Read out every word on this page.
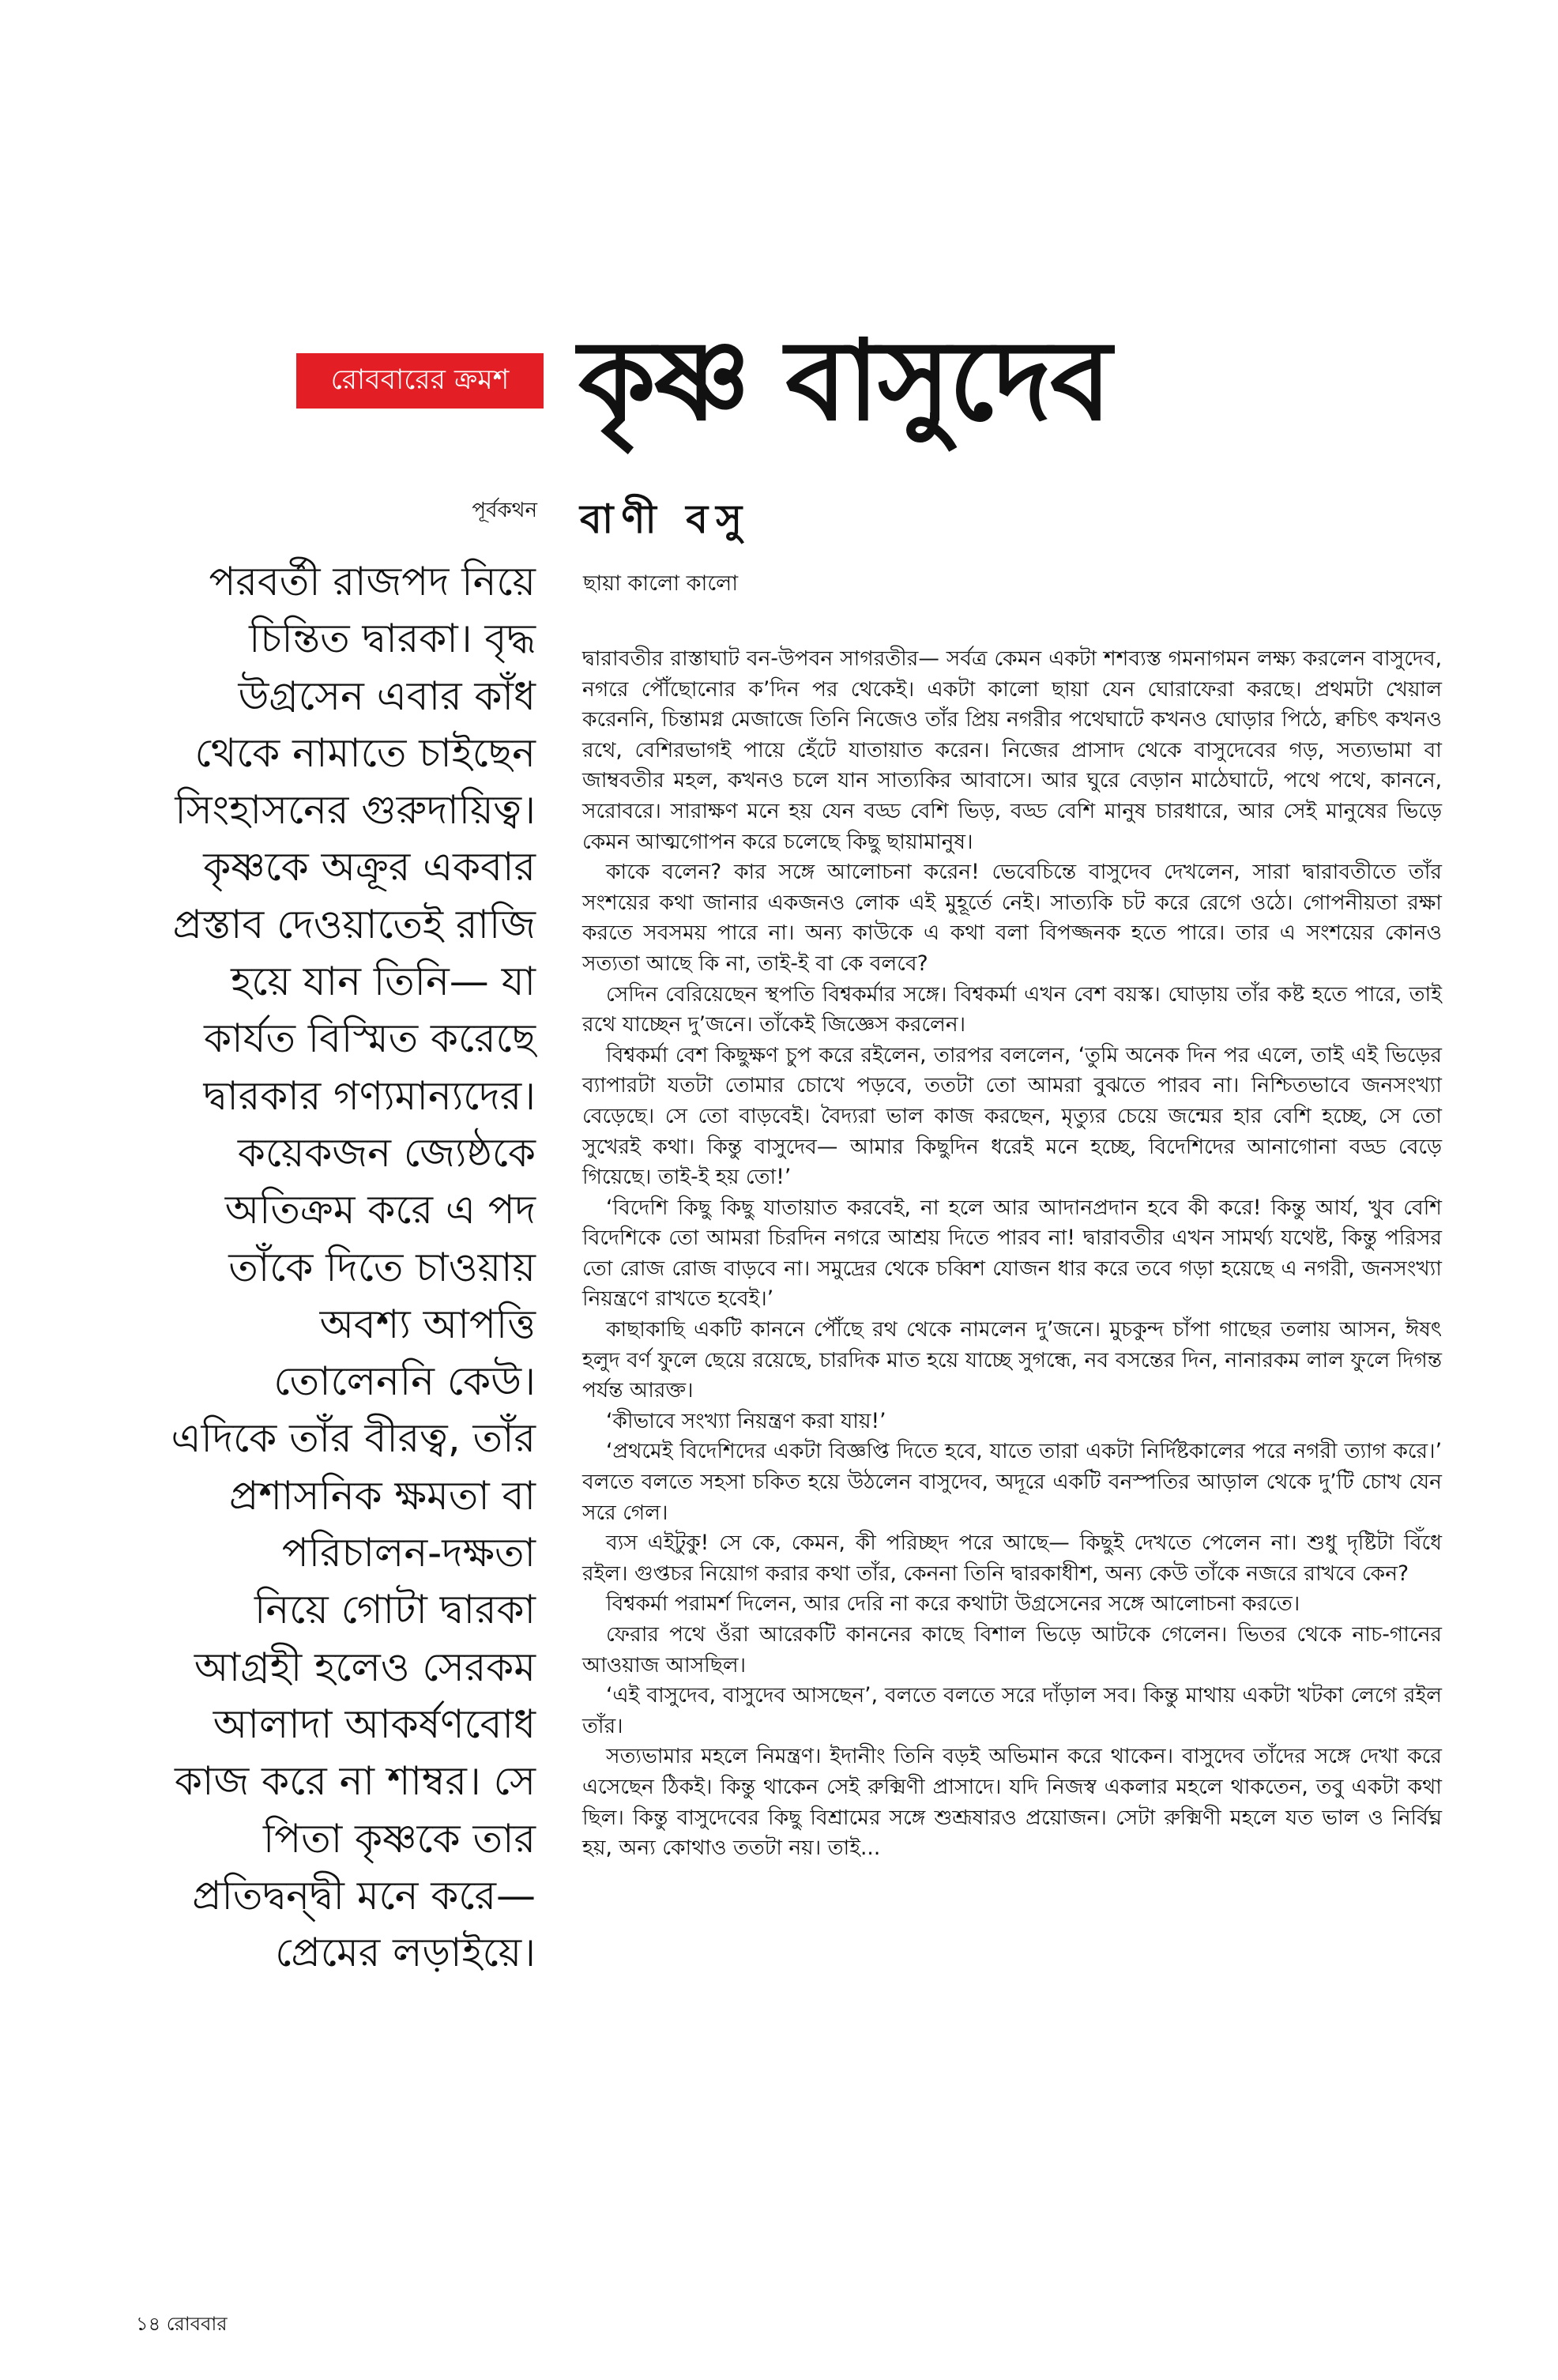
রোববারের ক্রমশ কৃষ্ণ বাসুদেব
পূর্বকথন বাণী বসু
পরবর্তী রাজপদ নিয়ে
চিন্তিত দ্বারকা। বৃদ্ধ
উগ্রসেন এবার কাঁধ
থেকে নামাতে চাইছেন
সিংহাসনের গুরুদায়িত্ব।
কৃষ্ণকে অক্রূর একবার
প্রস্তাব দেওয়াতেই রাজি
হয়ে যান তিনি— যা
কার্যত বিস্মিত করেছে
দ্বারকার গণ্যমান্যদের।
কয়েকজন জ্যেষ্ঠকে
অতিক্রম করে এ পদ
তাঁকে দিতে চাওয়ায়
অবশ্য আপত্তি
তোলেননি কেউ।
এদিকে তাঁর বীরত্ব, তাঁর
প্রশাসনিক ক্ষমতা বা
পরিচালন-দক্ষতা
নিয়ে গোটা দ্বারকা
আগ্রহী হলেও সেরকম
আলাদা আকর্ষণবোধ
কাজ করে না শাম্বর। সে
পিতা কৃষ্ণকে তার
প্রতিদ্বন্দ্বী মনে করে—
প্রেমের লড়াইয়ে।
ছায়া কালো কালো

দ্বারাবতীর রাস্তাঘাট বন-উপবন সাগরতীর— সর্বত্র কেমন একটা শশব্যস্ত গমনাগমন লক্ষ্য করলেন বাসুদেব, নগরে পৌঁছোনোর ক’দিন পর থেকেই। একটা কালো ছায়া যেন ঘোরাফেরা করছে। প্রথমটা খেয়াল করেননি, চিন্তামগ্ন মেজাজে তিনি নিজেও তাঁর প্রিয় নগরীর পথেঘাটে কখনও ঘোড়ার পিঠে, ক্বচিৎ কখনও রথে, বেশিরভাগই পায়ে হেঁটে যাতায়াত করেন। নিজের প্রাসাদ থেকে বাসুদেবের গড়, সত্যভামা বা জাম্ববতীর মহল, কখনও চলে যান সাত্যকির আবাসে। আর ঘুরে বেড়ান মাঠেঘাটে, পথে পথে, কাননে, সরোবরে। সারাক্ষণ মনে হয় যেন বড্ড বেশি ভিড়, বড্ড বেশি মানুষ চারধারে, আর সেই মানুষের ভিড়ে কেমন আত্মগোপন করে চলেছে কিছু ছায়ামানুষ।

কাকে বলেন? কার সঙ্গে আলোচনা করেন! ভেবেচিন্তে বাসুদেব দেখলেন, সারা দ্বারাবতীতে তাঁর সংশয়ের কথা জানার একজনও লোক এই মুহূর্তে নেই। সাত্যকি চট করে রেগে ওঠে। গোপনীয়তা রক্ষা করতে সবসময় পারে না। অন্য কাউকে এ কথা বলা বিপজ্জনক হতে পারে। তার এ সংশয়ের কোনও সত্যতা আছে কি না, তাই-ই বা কে বলবে?

সেদিন বেরিয়েছেন স্থপতি বিশ্বকর্মার সঙ্গে। বিশ্বকর্মা এখন বেশ বয়স্ক। ঘোড়ায় তাঁর কষ্ট হতে পারে, তাই রথে যাচ্ছেন দু’জনে। তাঁকেই জিজ্ঞেস করলেন।

বিশ্বকর্মা বেশ কিছুক্ষণ চুপ করে রইলেন, তারপর বললেন, ‘তুমি অনেক দিন পর এলে, তাই এই ভিড়ের ব্যাপারটা যতটা তোমার চোখে পড়বে, ততটা তো আমরা বুঝতে পারব না। নিশ্চিতভাবে জনসংখ্যা বেড়েছে। সে তো বাড়বেই। বৈদ্যরা ভাল কাজ করছেন, মৃত্যুর চেয়ে জন্মের হার বেশি হচ্ছে, সে তো সুখেরই কথা। কিন্তু বাসুদেব— আমার কিছুদিন ধরেই মনে হচ্ছে, বিদেশিদের আনাগোনা বড্ড বেড়ে গিয়েছে। তাই-ই হয় তো!’

‘বিদেশি কিছু কিছু যাতায়াত করবেই, না হলে আর আদানপ্রদান হবে কী করে! কিন্তু আর্য, খুব বেশি বিদেশিকে তো আমরা চিরদিন নগরে আশ্রয় দিতে পারব না! দ্বারাবতীর এখন সামর্থ্য যথেষ্ট, কিন্তু পরিসর তো রোজ রোজ বাড়বে না। সমুদ্রের থেকে চব্বিশ যোজন ধার করে তবে গড়া হয়েছে এ নগরী, জনসংখ্যা নিয়ন্ত্রণে রাখতে হবেই।’

কাছাকাছি একটি কাননে পৌঁছে রথ থেকে নামলেন দু’জনে। মুচকুন্দ চাঁপা গাছের তলায় আসন, ঈষৎ হলুদ বর্ণ ফুলে ছেয়ে রয়েছে, চারদিক মাত হয়ে যাচ্ছে সুগন্ধে, নব বসন্তের দিন, নানারকম লাল ফুলে দিগন্ত পর্যন্ত আরক্ত।

‘কীভাবে সংখ্যা নিয়ন্ত্রণ করা যায়!’

‘প্রথমেই বিদেশিদের একটা বিজ্ঞপ্তি দিতে হবে, যাতে তারা একটা নির্দিষ্টকালের পরে নগরী ত্যাগ করে।’ বলতে বলতে সহসা চকিত হয়ে উঠলেন বাসুদেব, অদূরে একটি বনস্পতির আড়াল থেকে দু’টি চোখ যেন সরে গেল।

ব্যস এইটুকু! সে কে, কেমন, কী পরিচ্ছদ পরে আছে— কিছুই দেখতে পেলেন না। শুধু দৃষ্টিটা বিঁধে রইল। গুপ্তচর নিয়োগ করার কথা তাঁর, কেননা তিনি দ্বারকাধীশ, অন্য কেউ তাঁকে নজরে রাখবে কেন?

বিশ্বকর্মা পরামর্শ দিলেন, আর দেরি না করে কথাটা উগ্রসেনের সঙ্গে আলোচনা করতে।

ফেরার পথে ওঁরা আরেকটি কাননের কাছে বিশাল ভিড়ে আটকে গেলেন। ভিতর থেকে নাচ-গানের আওয়াজ আসছিল।

‘এই বাসুদেব, বাসুদেব আসছেন’, বলতে বলতে সরে দাঁড়াল সব। কিন্তু মাথায় একটা খটকা লেগে রইল তাঁর।

সত্যভামার মহলে নিমন্ত্রণ। ইদানীং তিনি বড়ই অভিমান করে থাকেন। বাসুদেব তাঁদের সঙ্গে দেখা করে এসেছেন ঠিকই। কিন্তু থাকেন সেই রুক্মিণী প্রাসাদে। যদি নিজস্ব একলার মহলে থাকতেন, তবু একটা কথা ছিল। কিন্তু বাসুদেবের কিছু বিশ্রামের সঙ্গে শুশ্রূষারও প্রয়োজন। সেটা রুক্মিণী মহলে যত ভাল ও নির্বিঘ্ন হয়, অন্য কোথাও ততটা নয়। তাই...

১৪ রোববার
